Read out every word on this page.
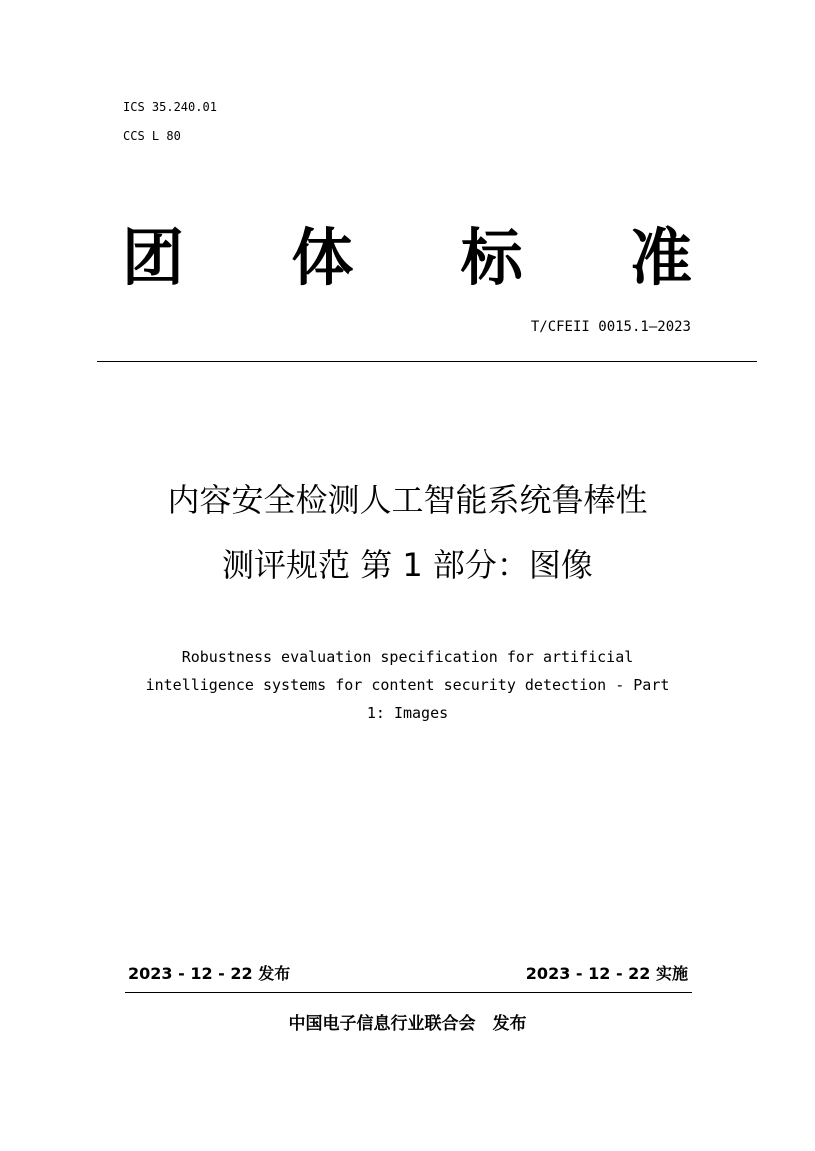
ICS 35.240.01
CCS L 80
团 体 标 准
T/CFEII 0015.1—2023
内容安全检测人工智能系统鲁棒性
测评规范 第 1 部分：图像
Robustness evaluation specification for artificial
intelligence systems for content security detection - Part
1: Images
2023 - 12 - 22 发布	2023 - 12 - 22 实施
中国电子信息行业联合会　发布
